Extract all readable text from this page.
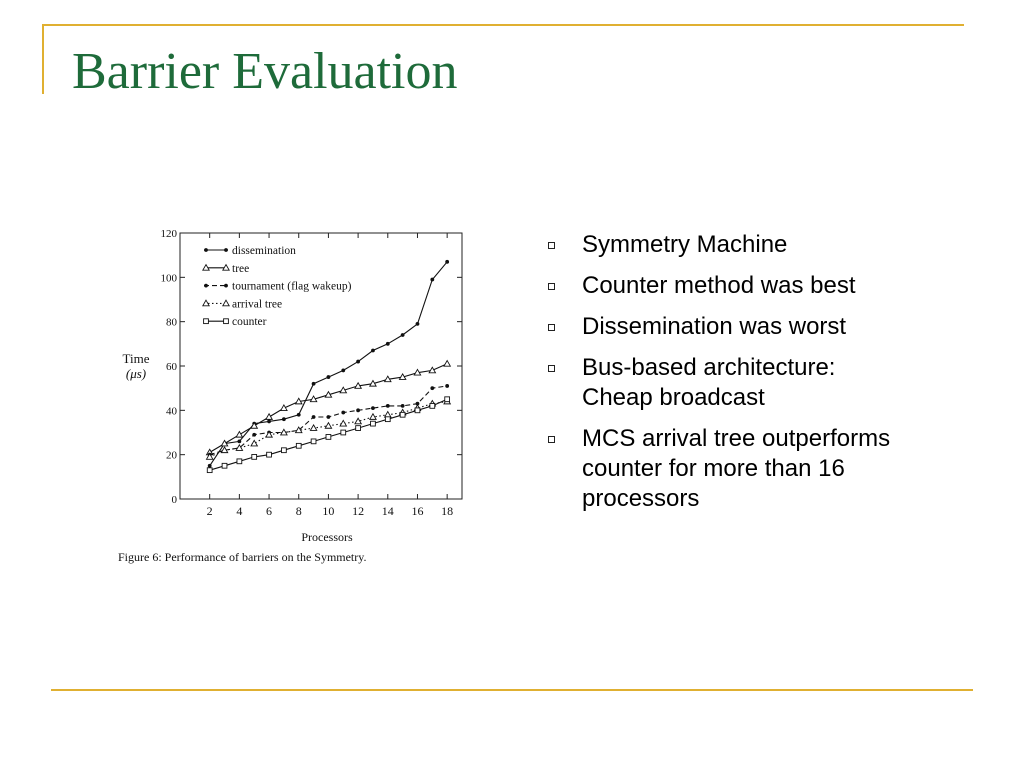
Barrier Evaluation
0
20
40
60
80
100
120
2 4 6 8 10 12 14 16 18
dissemination
tree
tournament (flag wakeup)
arrival tree
counter
Time
(μs)
Processors
Figure 6: Performance of barriers on the Symmetry.
Symmetry Machine
Counter method was best
Dissemination was worst
Bus-based architecture:
Cheap broadcast
MCS arrival tree outperforms
counter for more than 16
processors
